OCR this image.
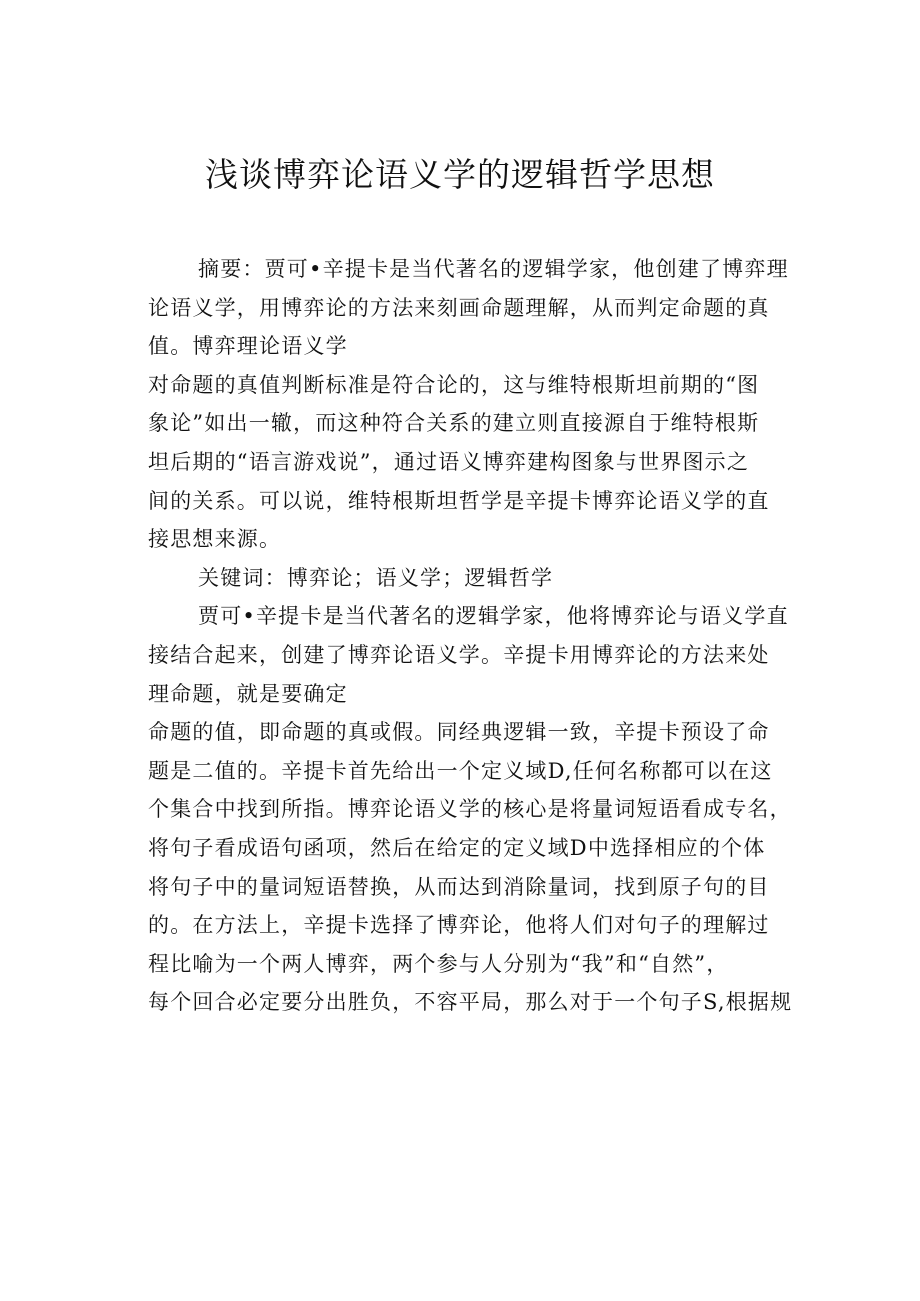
浅谈博弈论语义学的逻辑哲学思想
摘要：贾可•辛提卡是当代著名的逻辑学家，他创建了博弈理
论语义学，用博弈论的方法来刻画命题理解，从而判定命题的真
值。博弈理论语义学
对命题的真值判断标准是符合论的，这与维特根斯坦前期的“图
象论”如出一辙，而这种符合关系的建立则直接源自于维特根斯
坦后期的“语言游戏说”，通过语义博弈建构图象与世界图示之
间的关系。可以说，维特根斯坦哲学是辛提卡博弈论语义学的直
接思想来源。
关键词：博弈论；语义学；逻辑哲学
贾可•辛提卡是当代著名的逻辑学家，他将博弈论与语义学直
接结合起来，创建了博弈论语义学。辛提卡用博弈论的方法来处
理命题，就是要确定
命题的值，即命题的真或假。同经典逻辑一致，辛提卡预设了命
题是二值的。辛提卡首先给出一个定义域D,任何名称都可以在这
个集合中找到所指。博弈论语义学的核心是将量词短语看成专名，
将句子看成语句函项，然后在给定的定义域D中选择相应的个体
将句子中的量词短语替换，从而达到消除量词，找到原子句的目
的。在方法上，辛提卡选择了博弈论，他将人们对句子的理解过
程比喻为一个两人博弈，两个参与人分别为“我”和“自然”，
每个回合必定要分出胜负，不容平局，那么对于一个句子S,根据规
